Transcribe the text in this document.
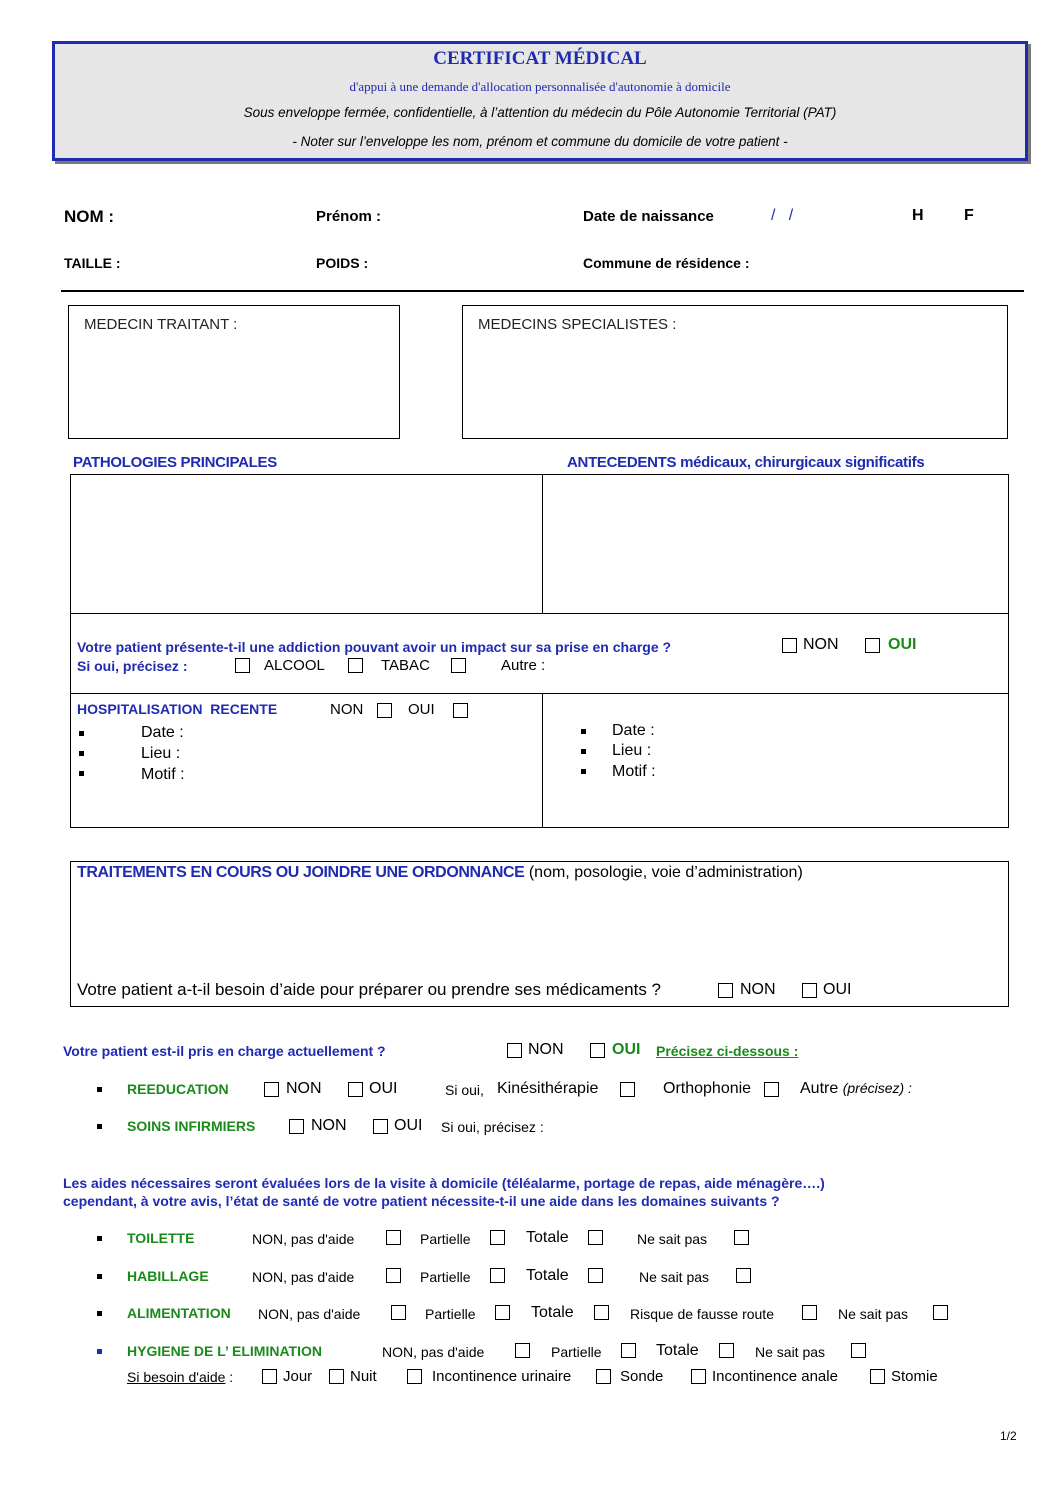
CERTIFICAT MÉDICAL
d'appui à une demande d'allocation personnalisée d'autonomie à domicile
Sous enveloppe fermée, confidentielle, à l’attention du médecin du Pôle Autonomie Territorial (PAT)
- Noter sur l’enveloppe les nom, prénom et commune du domicile de votre patient -
NOM :	Prénom :	Date de naissance	/   /	H	F
TAILLE :	POIDS :	Commune de résidence :
MEDECIN TRAITANT :	MEDECINS SPECIALISTES :
PATHOLOGIES PRINCIPALES	ANTECEDENTS médicaux, chirurgicaux significatifs
Votre patient présente-t-il une addiction pouvant avoir un impact sur sa prise en charge ?	NON	OUI
Si oui, précisez :	ALCOOL	TABAC	Autre :
HOSPITALISATION  RECENTE	NON	OUI
Date :
Lieu :
Motif :
Date :
Lieu :
Motif :
TRAITEMENTS EN COURS OU JOINDRE UNE ORDONNANCE (nom, posologie, voie d’administration)
Votre patient a-t-il besoin d’aide pour préparer ou prendre ses médicaments ?	NON	OUI
Votre patient est-il pris en charge actuellement ?	NON	OUI Précisez ci-dessous :
REEDUCATION	NON	OUI	Si oui, Kinésithérapie	Orthophonie	Autre (précisez) :
SOINS INFIRMIERS	NON	OUI Si oui, précisez :
Les aides nécessaires seront évaluées lors de la visite à domicile (téléalarme, portage de repas, aide ménagère….)
cependant, à votre avis, l’état de santé de votre patient nécessite-t-il une aide dans les domaines suivants ?
TOILETTE	NON, pas d'aide	Partielle	Totale	Ne sait pas
HABILLAGE	NON, pas d'aide	Partielle	Totale	Ne sait pas
ALIMENTATION NON, pas d'aide	Partielle	Totale	Risque de fausse route	Ne sait pas
HYGIENE DE L’ ELIMINATION	NON, pas d'aide	Partielle	Totale	Ne sait pas
Si besoin d'aide :	Jour	Nuit	Incontinence urinaire	Sonde	Incontinence anale	Stomie
1/2
